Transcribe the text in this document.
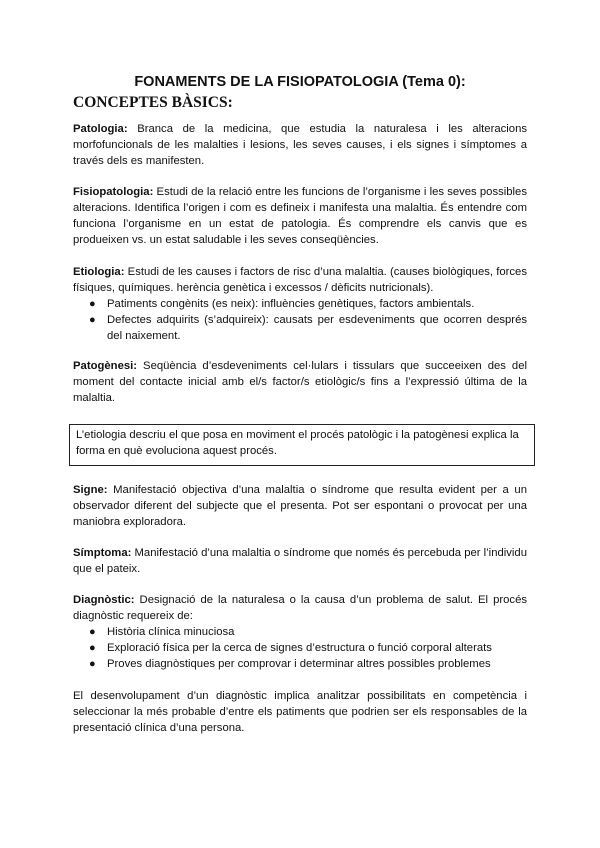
FONAMENTS DE LA FISIOPATOLOGIA (Tema 0):
CONCEPTES BÀSICS:
Patologia: Branca de la medicina, que estudia la naturalesa i les alteracions morfofuncionals de les malalties i lesions, les seves causes, i els signes i símptomes a través dels es manifesten.
Fisiopatologia: Estudi de la relació entre les funcions de l’organisme i les seves possibles alteracions. Identifica l’origen i com es defineix i manifesta una malaltia. És entendre com funciona l’organisme en un estat de patologia. És comprendre els canvis que es produeixen vs. un estat saludable i les seves conseqüències.
Etiologia: Estudi de les causes i factors de risc d’una malaltia. (causes biològiques, forces físiques, químiques. herència genètica i excessos / dèficits nutricionals).
● Patiments congènits (es neix): influències genètiques, factors ambientals.
● Defectes adquirits (s’adquireix): causats per esdeveniments que ocorren després del naixement.
Patogènesi: Seqüència d’esdeveniments cel·lulars i tissulars que succeeixen des del moment del contacte inicial amb el/s factor/s etiològic/s fins a l’expressió última de la malaltia.
L’etiologia descriu el que posa en moviment el procés patològic i la patogènesi explica la forma en què evoluciona aquest procés.
Signe: Manifestació objectiva d’una malaltia o síndrome que resulta evident per a un observador diferent del subjecte que el presenta. Pot ser espontani o provocat per una maniobra exploradora.
Símptoma: Manifestació d’una malaltia o síndrome que només és percebuda per l’individu que el pateix.
Diagnòstic: Designació de la naturalesa o la causa d’un problema de salut. El procés diagnòstic requereix de:
● Història clínica minuciosa
● Exploració física per la cerca de signes d’estructura o funció corporal alterats
● Proves diagnòstiques per comprovar i determinar altres possibles problemes
El desenvolupament d’un diagnòstic implica analitzar possibilitats en competència i seleccionar la més probable d’entre els patiments que podrien ser els responsables de la presentació clínica d’una persona.
